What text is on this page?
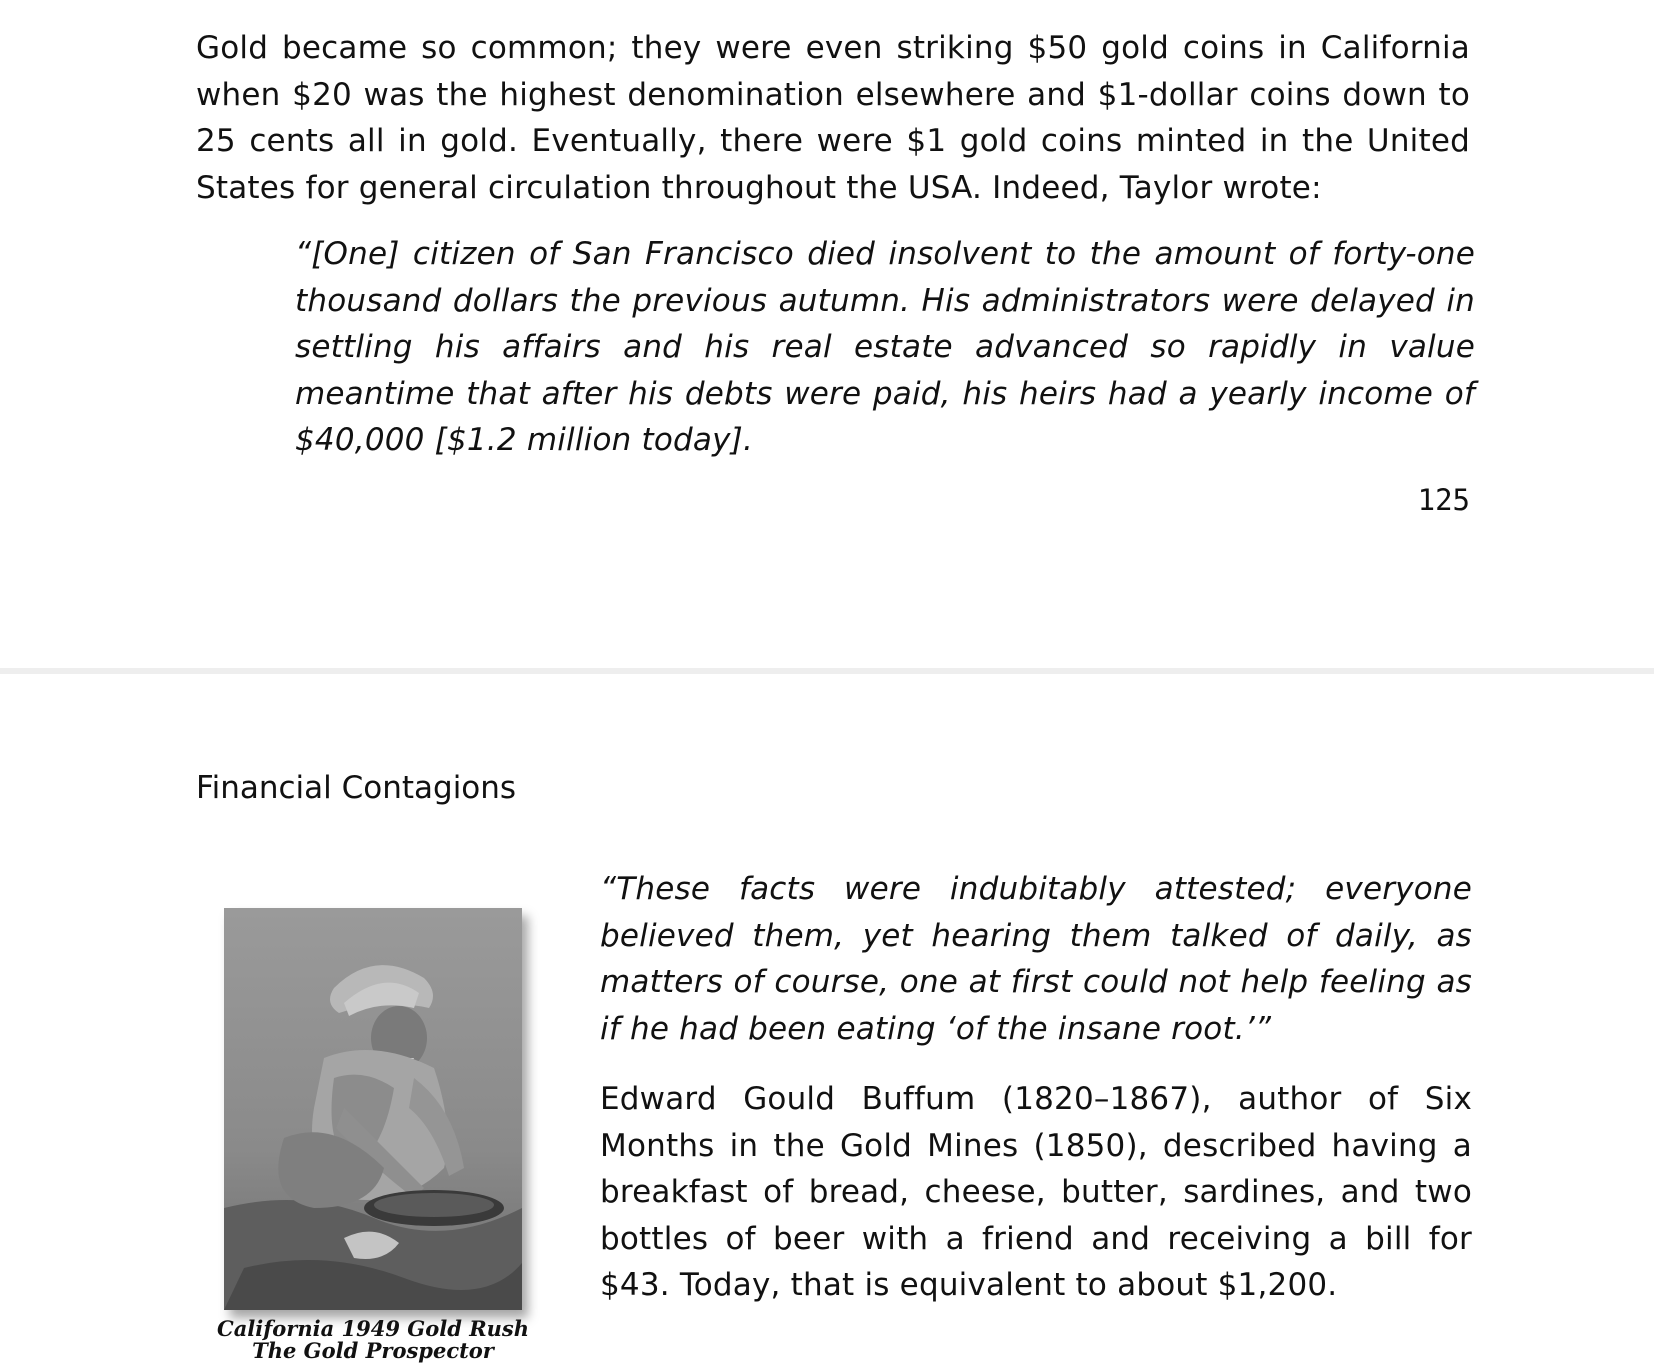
Gold became so common; they were even striking $50 gold coins in California when $20 was the highest denomination elsewhere and $1-dollar coins down to 25 cents all in gold. Eventually, there were $1 gold coins minted in the United States for general circulation throughout the USA. Indeed, Taylor wrote:

“[One] citizen of San Francisco died insolvent to the amount of forty-one thousand dollars the previous autumn. His administrators were delayed in settling his affairs and his real estate advanced so rapidly in value meantime that after his debts were paid, his heirs had a yearly income of $40,000 [$1.2 million today].

125
Financial Contagions
California 1949 Gold Rush
The Gold Prospector

“These facts were indubitably attested; everyone believed them, yet hearing them talked of daily, as matters of course, one at first could not help feeling as if he had been eating ‘of the insane root.’”

Edward Gould Buffum (1820–1867), author of Six Months in the Gold Mines (1850), described having a breakfast of bread, cheese, butter, sardines, and two bottles of beer with a friend and receiving a bill for $43. Today, that is equivalent to about $1,200.
